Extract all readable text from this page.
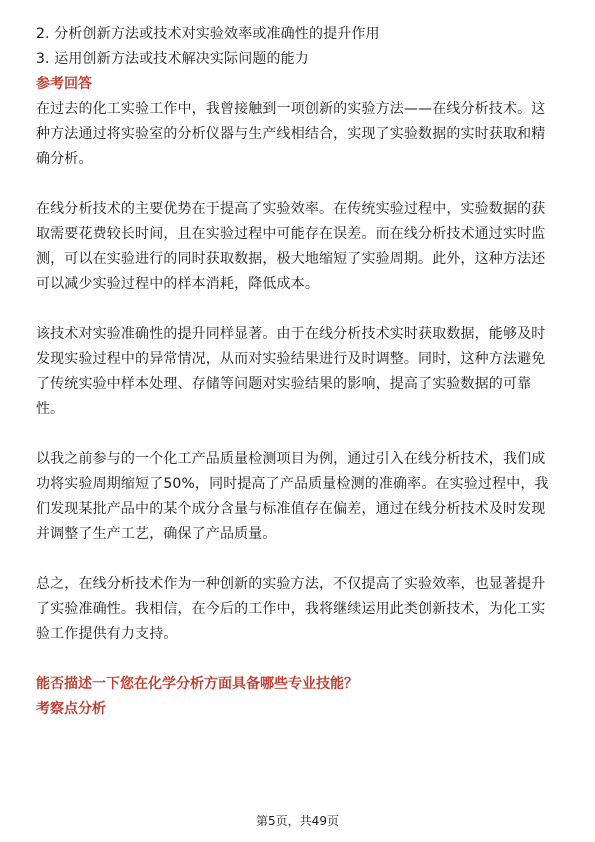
2. 分析创新方法或技术对实验效率或准确性的提升作用
3. 运用创新方法或技术解决实际问题的能力
参考回答
在过去的化工实验工作中，我曾接触到一项创新的实验方法——在线分析技术。这
种方法通过将实验室的分析仪器与生产线相结合，实现了实验数据的实时获取和精
确分析。
在线分析技术的主要优势在于提高了实验效率。在传统实验过程中，实验数据的获
取需要花费较长时间，且在实验过程中可能存在误差。而在线分析技术通过实时监
测，可以在实验进行的同时获取数据，极大地缩短了实验周期。此外，这种方法还
可以减少实验过程中的样本消耗，降低成本。
该技术对实验准确性的提升同样显著。由于在线分析技术实时获取数据，能够及时
发现实验过程中的异常情况，从而对实验结果进行及时调整。同时，这种方法避免
了传统实验中样本处理、存储等问题对实验结果的影响，提高了实验数据的可靠
性。
以我之前参与的一个化工产品质量检测项目为例，通过引入在线分析技术，我们成
功将实验周期缩短了50%，同时提高了产品质量检测的准确率。在实验过程中，我
们发现某批产品中的某个成分含量与标准值存在偏差，通过在线分析技术及时发现
并调整了生产工艺，确保了产品质量。
总之，在线分析技术作为一种创新的实验方法，不仅提高了实验效率，也显著提升
了实验准确性。我相信，在今后的工作中，我将继续运用此类创新技术，为化工实
验工作提供有力支持。
能否描述一下您在化学分析方面具备哪些专业技能？
考察点分析
第5页，共49页
